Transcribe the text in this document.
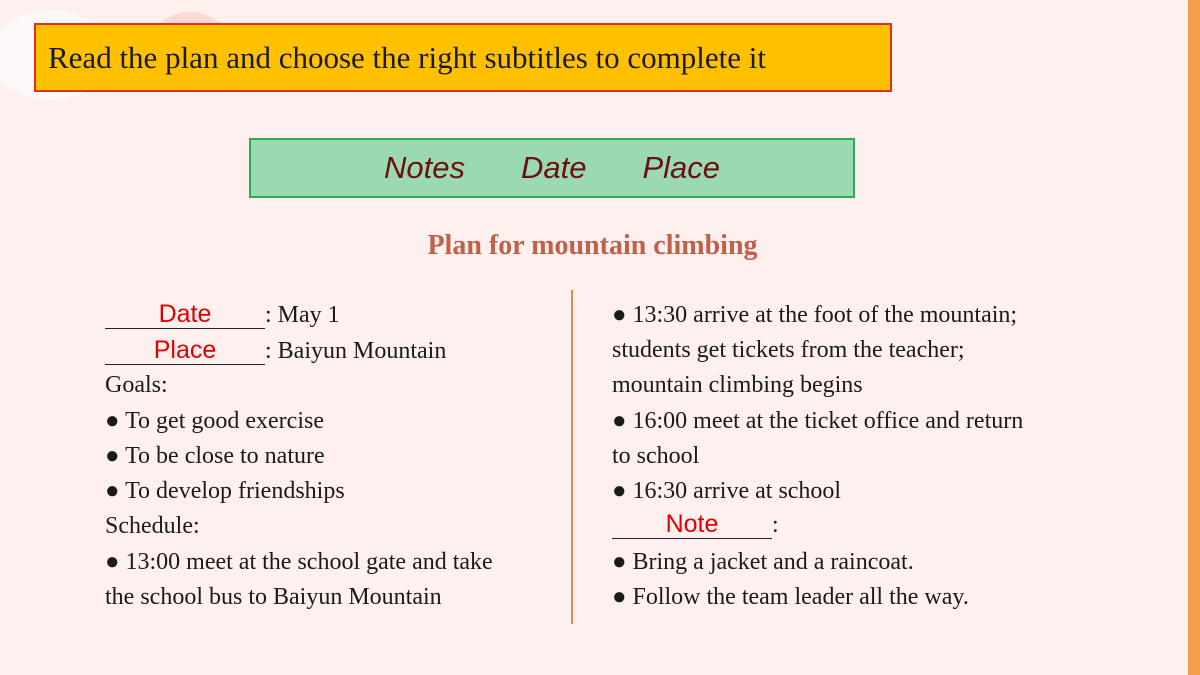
Read the plan and choose the right subtitles to complete it
Notes Date Place
Plan for mountain climbing
Date : May 1
Place : Baiyun Mountain
Goals:
● To get good exercise
● To be close to nature
● To develop friendships
Schedule:
● 13:00 meet at the school gate and take
the school bus to Baiyun Mountain
● 13:30 arrive at the foot of the mountain;
students get tickets from the teacher;
mountain climbing begins
● 16:00 meet at the ticket office and return
to school
● 16:30 arrive at school
Note :
● Bring a jacket and a raincoat.
● Follow the team leader all the way.
